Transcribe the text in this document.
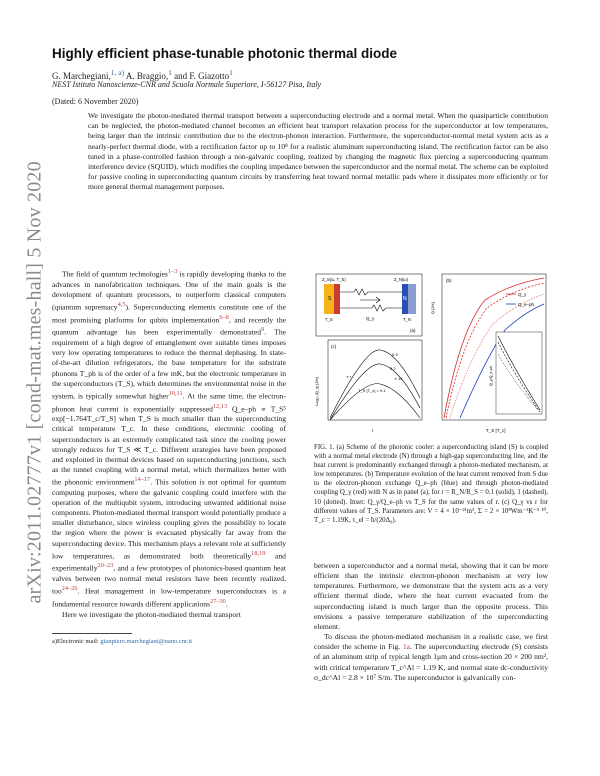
arXiv:2011.02777v1 [cond-mat.mes-hall] 5 Nov 2020
Highly efficient phase-tunable photonic thermal diode
G. Marchegiani,$^{1, a)}$ A. Braggio,$^1$ and F. Giazotto$^1$
NEST Istituto Nanoscienze-CNR and Scuola Normale Superiore, I-56127 Pisa, Italy
(Dated: 6 November 2020)
We investigate the photon-mediated thermal transport between a superconducting electrode and a normal metal. When the quasiparticle contribution can be neglected, the photon-mediated channel becomes an efficient heat transport relaxation process for the superconductor at low temperatures, being larger than the intrinsic contribution due to the electron-phonon interaction. Furthermore, the superconductor-normal metal system acts as a nearly-perfect thermal diode, with a rectification factor up to 10⁸ for a realistic aluminum superconducting island. The rectification factor can be also tuned in a phase-controlled fashion through a non-galvanic coupling, realized by changing the magnetic flux piercing a superconducting quantum interference device (SQUID), which modifies the coupling impedance between the superconductor and the normal metal. The scheme can be exploited for passive cooling in superconducting quantum circuits by transferring heat toward normal metallic pads where it dissipates more efficiently or for more general thermal management purposes.

The field of quantum technologies$^{1-3}$ is rapidly developing thanks to the advances in nanofabrication techniques. One of the main goals is the development of quantum processors, to outperform classical computers (quantum supremacy$^{4,5}$). Superconducting elements constitute one of the most promising platforms for qubits implementation$^{6-8}$, and recently the quantum advantage has been experimentally demonstrated$^9$. The requirement of a high degree of entanglement over suitable times imposes very low operating temperatures to reduce the thermal dephasing. In state-of-the-art dilution refrigerators, the base temperature for the substrate phonons T_ph is of the order of a few mK, but the electronic temperature in the superconductors (T_S), which determines the environmental noise in the system, is typically somewhat higher$^{10,11}$. At the same time, the electron-phonon heat current is exponentially suppressed$^{12,13}$ Q_e–ph ∝ T_S⁵ exp[−1.764T_c/T_S] when T_S is much smaller than the superconducting critical temperature T_c. In these conditions, electronic cooling of superconductors is an extremely complicated task since the cooling power strongly reduces for T_S ≪ T_c. Different strategies have been proposed and exploited in thermal devices based on superconducting junctions, such as the tunnel coupling with a normal metal, which thermalizes better with the phononic environment$^{14-17}$. This solution is not optimal for quantum computing purposes, where the galvanic coupling could interfere with the operation of the multiqubit system, introducing unwanted additional noise components. Photon-mediated thermal transport would potentially produce a smaller disturbance, since wireless coupling gives the possibility to locate the region where the power is evacuated physically far away from the superconducting device. This mechanism plays a relevant role at sufficiently low temperatures, as demonstrated both theoretically$^{18,19}$ and experimentally$^{20-23}$, and a few prototypes of photonics-based quantum heat valves between two normal metal resistors have been recently realized, too$^{24-26}$. Heat management in low-temperature superconductors is a fundamental resource towards different applications$^{27-30}$.

Here we investigate the photon-mediated thermal transport

S	N
Z_S(ω, T_S)	Z_N(ω)
T_S	T_N
Q_γ
(a)
(c)
Log₁₀ |Q_γ| [J/s]
r
0.3
0.2
T_S [T_c] = 0.1
∝ r	∝ 1/r
(b)
Q [J/s]
T_S [T_c]
Q_γ
Q_e–ph
Q_γ/Q_e–ph
FIG. 1. (a) Scheme of the photonic cooler: a superconducting island (S) is coupled with a normal metal electrode (N) through a high-gap superconducting line, and the heat current is predominantly exchanged through a photon-mediated mechanism, at low temperatures. (b) Temperature evolution of the heat current removed from S due to the electron-phonon exchange Q_e–ph (blue) and through photon-mediated coupling Q_γ (red) with N as in panel (a), for r = R_N/R_S = 0.1 (solid), 1 (dashed), 10 (dotted). Inset: Q_γ/Q_e–ph vs T_S for the same values of r. (c) Q_γ vs r for different values of T_S. Parameters are: V = 4 × 10⁻²¹m³, Σ = 2 × 10⁸Wm⁻³K⁻⁵ ¹⁰, T_c = 1.19K, τ_el = ħ/(20Δ₀).

between a superconductor and a normal metal, showing that it can be more efficient than the intrinsic electron-phonon mechanism at very low temperatures. Furthermore, we demonstrate that the system acts as a very efficient thermal diode, where the heat current evacuated from the superconducting island is much larger than the opposite process. This envisions a passive temperature stabilization of the superconducting element.

To discuss the photon-mediated mechanism in a realistic case, we first consider the scheme in Fig. 1a. The superconducting electrode (S) consists of an aluminum strip of typical length 1μm and cross-section 20 × 200 nm², with critical temperature T_c^Al = 1.19 K, and normal state dc-conductivity σ_dc^Al = 2.8 × 10⁷ S/m. The superconductor is galvanically con-

a)Electronic mail: gianpiero.marchegiani@nano.cnr.it
